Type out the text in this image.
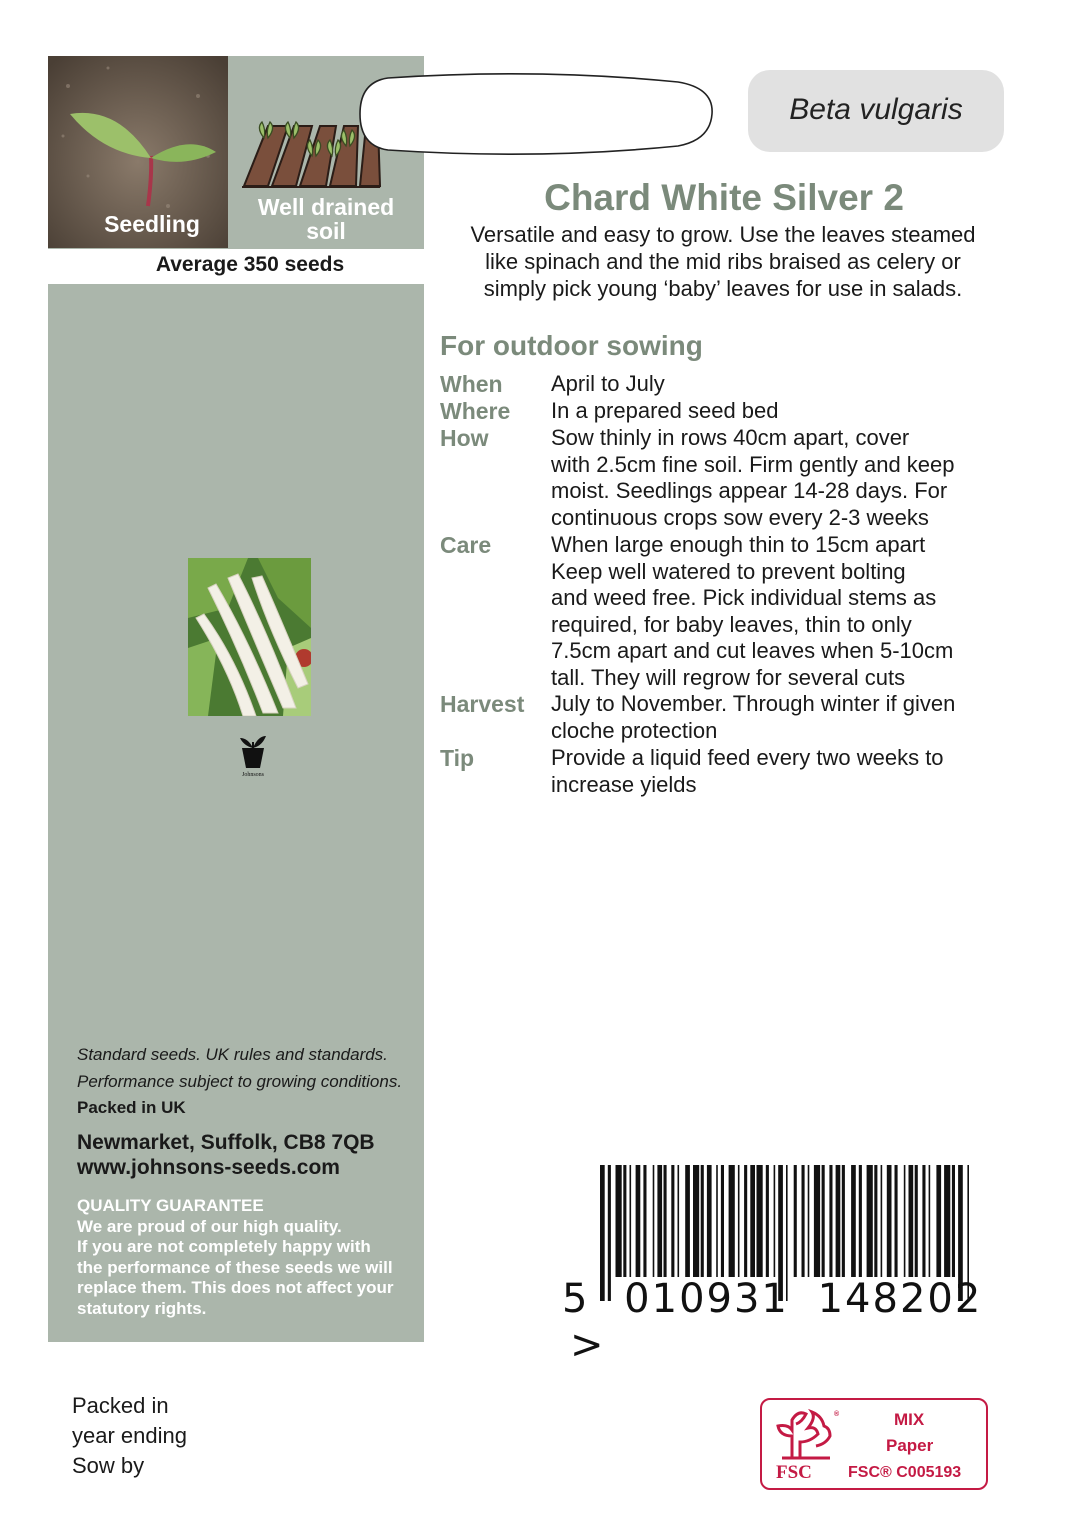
Seedling
Well drained
soil
Average 350 seeds
Johnsons
Standard seeds. UK rules and standards.
Performance subject to growing conditions.
Packed in UK
Newmarket, Suffolk, CB8 7QB
www.johnsons-seeds.com
QUALITY GUARANTEE
We are proud of our high quality.
If you are not completely happy with
the performance of these seeds we will
replace them. This does not affect your
statutory rights.
Beta vulgaris
Chard White Silver 2
Versatile and easy to grow. Use the leaves steamed
like spinach and the mid ribs braised as celery or
simply pick young ‘baby’ leaves for use in salads.
For outdoor sowing
When April to July
Where In a prepared seed bed
How	Sow thinly in rows 40cm apart, cover
with 2.5cm fine soil. Firm gently and keep
moist. Seedlings appear 14-28 days. For
continuous crops sow every 2-3 weeks
Care	When large enough thin to 15cm apart
Keep well watered to prevent bolting
and weed free. Pick individual stems as
required, for baby leaves, thin to only
7.5cm apart and cut leaves when 5-10cm
tall. They will regrow for several cuts
Harvest July to November. Through winter if given
cloche protection
Tip	Provide a liquid feed every two weeks to
increase yields
5 010931 148202 >
Packed in
year ending
Sow by
®
FSC
MIX
Paper
FSC® C005193
